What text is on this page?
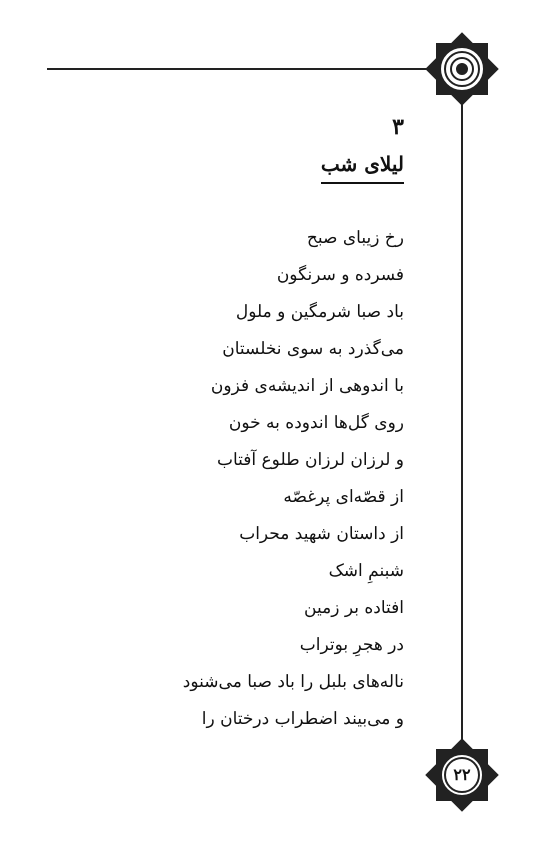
۲۲
۳
لیلای شب
رخ زیبای صبح
فسرده و سرنگون
باد صبا شرمگین و ملول
می‌گذرد به سوی نخلستان
با اندوهی از اندیشه‌ی فزون
روی گل‌ها اندوده به خون
و لرزان لرزان طلوع آفتاب
از قصّه‌ای پرغصّه
از داستان شهید محراب
شبنمِ اشک
افتاده بر زمین
در هجرِ بوتراب
ناله‌های بلبل را باد صبا می‌شنود
و می‌بیند اضطراب درختان را
